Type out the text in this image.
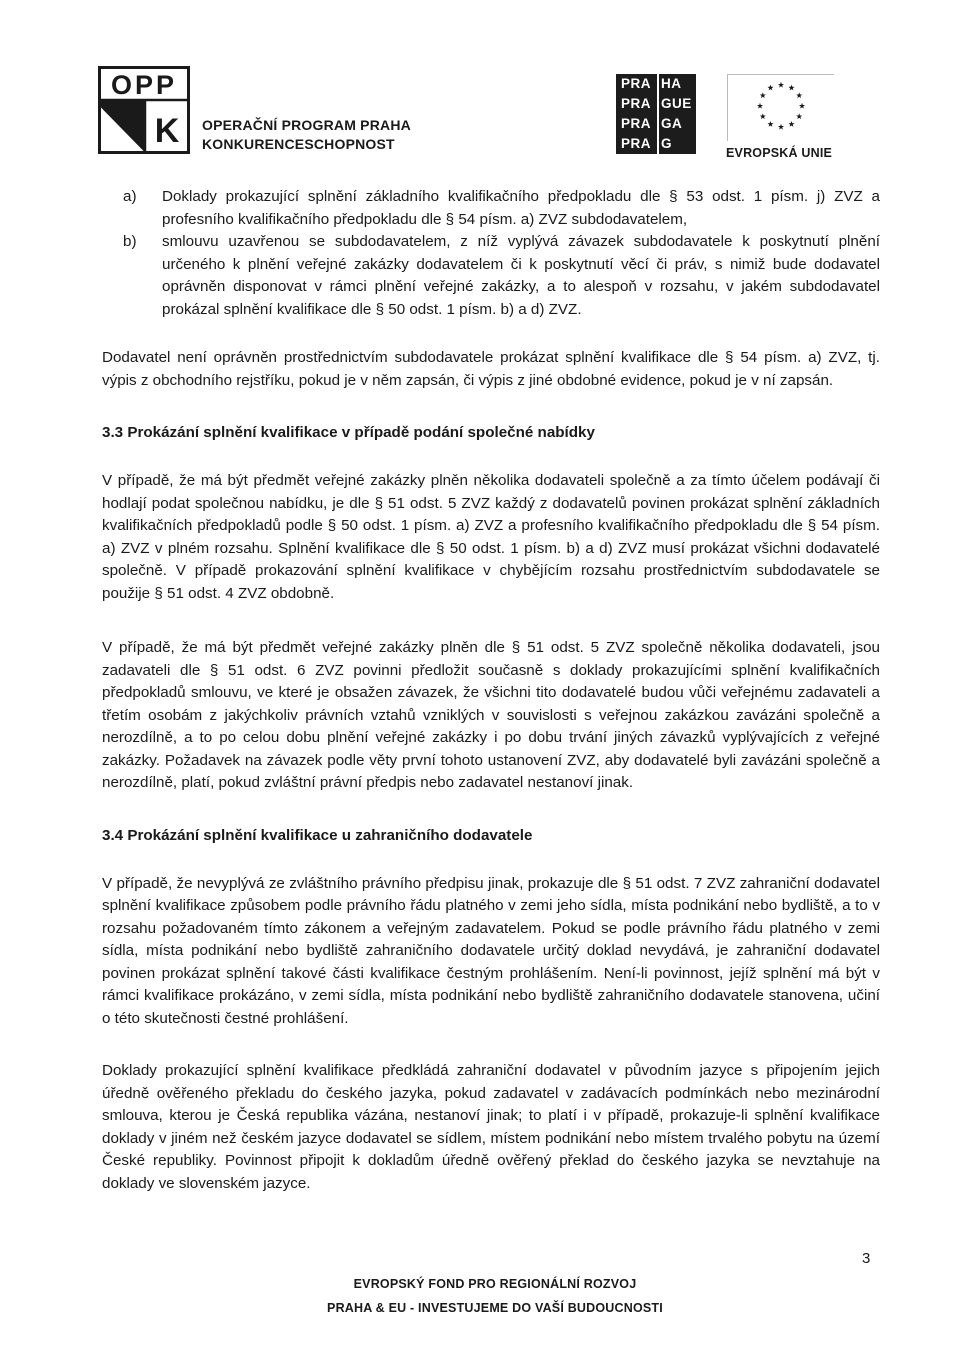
OPP
K OPERAČNÍ PROGRAM PRAHA
KONKURENCESCHOPNOST
PRA HA
PRA GUE
PRA GA
PRA G
EVROPSKÁ UNIE
a) Doklady prokazující splnění základního kvalifikačního předpokladu dle § 53 odst. 1 písm. j) ZVZ a profesního kvalifikačního předpokladu dle § 54 písm. a) ZVZ subdodavatelem,
b) smlouvu uzavřenou se subdodavatelem, z níž vyplývá závazek subdodavatele k poskytnutí plnění určeného k plnění veřejné zakázky dodavatelem či k poskytnutí věcí či práv, s nimiž bude dodavatel oprávněn disponovat v rámci plnění veřejné zakázky, a to alespoň v rozsahu, v jakém subdodavatel prokázal splnění kvalifikace dle § 50 odst. 1 písm. b) a d) ZVZ.

Dodavatel není oprávněn prostřednictvím subdodavatele prokázat splnění kvalifikace dle § 54 písm. a) ZVZ, tj. výpis z obchodního rejstříku, pokud je v něm zapsán, či výpis z jiné obdobné evidence, pokud je v ní zapsán.

3.3 Prokázání splnění kvalifikace v případě podání společné nabídky

V případě, že má být předmět veřejné zakázky plněn několika dodavateli společně a za tímto účelem podávají či hodlají podat společnou nabídku, je dle § 51 odst. 5 ZVZ každý z dodavatelů povinen prokázat splnění základních kvalifikačních předpokladů podle § 50 odst. 1 písm. a) ZVZ a profesního kvalifikačního předpokladu dle § 54 písm. a) ZVZ v plném rozsahu. Splnění kvalifikace dle § 50 odst. 1 písm. b) a d) ZVZ musí prokázat všichni dodavatelé společně. V případě prokazování splnění kvalifikace v chybějícím rozsahu prostřednictvím subdodavatele se použije § 51 odst. 4 ZVZ obdobně.

V případě, že má být předmět veřejné zakázky plněn dle § 51 odst. 5 ZVZ společně několika dodavateli, jsou zadavateli dle § 51 odst. 6 ZVZ povinni předložit současně s doklady prokazujícími splnění kvalifikačních předpokladů smlouvu, ve které je obsažen závazek, že všichni tito dodavatelé budou vůči veřejnému zadavateli a třetím osobám z jakýchkoliv právních vztahů vzniklých v souvislosti s veřejnou zakázkou zavázáni společně a nerozdílně, a to po celou dobu plnění veřejné zakázky i po dobu trvání jiných závazků vyplývajících z veřejné zakázky. Požadavek na závazek podle věty první tohoto ustanovení ZVZ, aby dodavatelé byli zavázáni společně a nerozdílně, platí, pokud zvláštní právní předpis nebo zadavatel nestanoví jinak.

3.4 Prokázání splnění kvalifikace u zahraničního dodavatele

V případě, že nevyplývá ze zvláštního právního předpisu jinak, prokazuje dle § 51 odst. 7 ZVZ zahraniční dodavatel splnění kvalifikace způsobem podle právního řádu platného v zemi jeho sídla, místa podnikání nebo bydliště, a to v rozsahu požadovaném tímto zákonem a veřejným zadavatelem. Pokud se podle právního řádu platného v zemi sídla, místa podnikání nebo bydliště zahraničního dodavatele určitý doklad nevydává, je zahraniční dodavatel povinen prokázat splnění takové části kvalifikace čestným prohlášením. Není-li povinnost, jejíž splnění má být v rámci kvalifikace prokázáno, v zemi sídla, místa podnikání nebo bydliště zahraničního dodavatele stanovena, učiní o této skutečnosti čestné prohlášení.

Doklady prokazující splnění kvalifikace předkládá zahraniční dodavatel v původním jazyce s připojením jejich úředně ověřeného překladu do českého jazyka, pokud zadavatel v zadávacích podmínkách nebo mezinárodní smlouva, kterou je Česká republika vázána, nestanoví jinak; to platí i v případě, prokazuje-li splnění kvalifikace doklady v jiném než českém jazyce dodavatel se sídlem, místem podnikání nebo místem trvalého pobytu na území České republiky. Povinnost připojit k dokladům úředně ověřený překlad do českého jazyka se nevztahuje na doklady ve slovenském jazyce.

3
EVROPSKÝ FOND PRO REGIONÁLNÍ ROZVOJ
PRAHA & EU - INVESTUJEME DO VAŠÍ BUDOUCNOSTI
